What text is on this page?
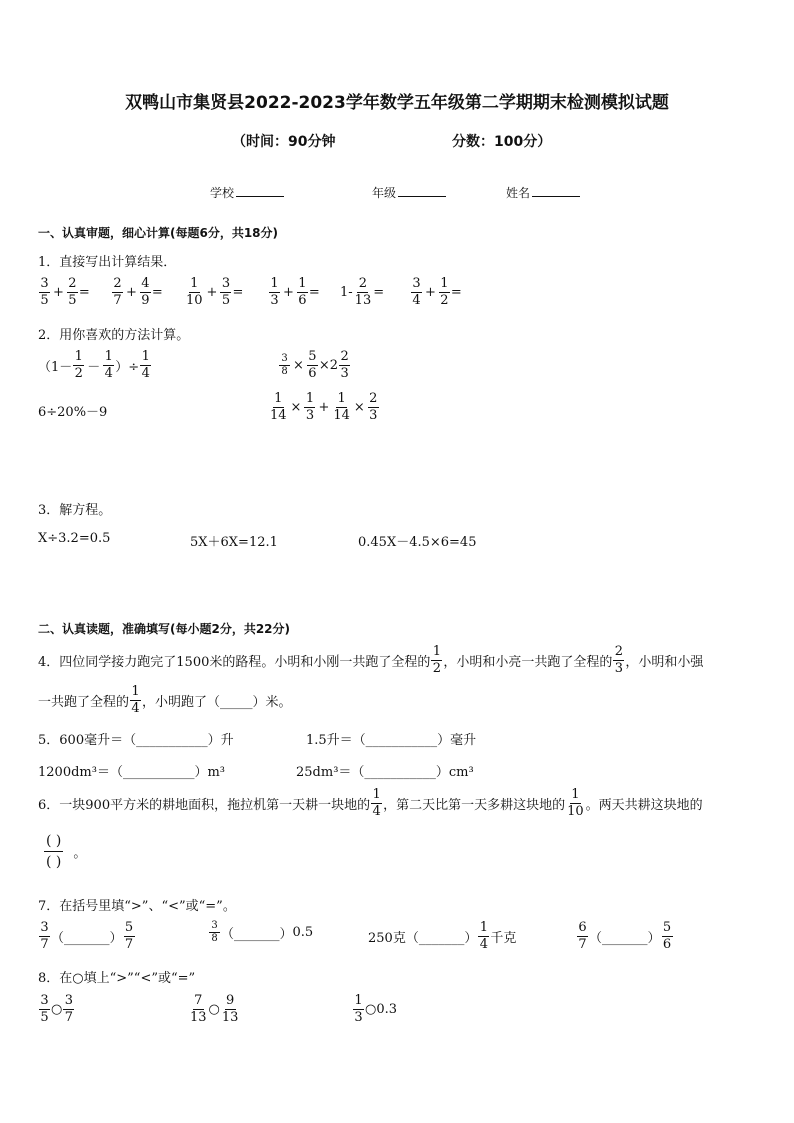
双鸭山市集贤县2022-2023学年数学五年级第二学期期末检测模拟试题
（时间：90分钟	分数：100分）
学校	年级	姓名
一、认真审题，细心计算(每题6分，共18分)
1．直接写出计算结果．
$\frac{3}{5} + \frac{2}{5} = \frac{2}{7} + \frac{4}{9} = \frac{1}{10} + \frac{3}{5} = \frac{1}{3} + \frac{1}{6} = 1- \frac{2}{13} = \frac{3}{4} + \frac{1}{2}$ =
2．用你喜欢的方法计算。
（$1- \frac{1}{2} - \frac{1}{4}$ ）÷ $\frac{1}{4}$	$\frac{3}{8} \times \frac{5}{6} \times 2 \frac{2}{3}$
6÷20%－9	$\frac{1}{14} \times \frac{1}{3} + \frac{1}{14} \times \frac{2}{3}$
3．解方程。
X÷3.2=0.5	5X＋6X=12.1	0.45X－4.5×6=45
二、认真读题，准确填写(每小题2分，共22分)
4．四位同学接力跑完了1500米的路程。小明和小刚一共跑了全程的 $\frac{1}{2}$ ，小明和小亮一共跑了全程的 $\frac{2}{3}$ ，小明和小强
一共跑了全程的 $\frac{1}{4}$ ，小明跑了（_____）米。
5．600毫升＝（___________）升	1.5升＝（___________）毫升
1200dm³＝（___________）m³	25dm³＝（___________）cm³
6．一块900平方米的耕地面积，拖拉机第一天耕一块地的 $\frac{1}{4}$ ，第二天比第一天多耕这块地的 $\frac{1}{10}$ 。两天共耕这块地的
$\frac{( )}{( )}$ 。
7．在括号里填“>”、“<”或“=”。
$\frac{3}{7}$ （_______） $\frac{5}{7}$	$\frac{3}{8}$ （_______） 0.5	250克 （_______） $\frac{1}{4}$ 千克	$\frac{6}{7}$ （_______） $\frac{5}{6}$
8．在○填上“>”“<”或“=”
$\frac{3}{5}$ ○ $\frac{3}{7}$	$\frac{7}{13}$ ○ $\frac{9}{13}$	$\frac{1}{3}$ ○ 0.3
